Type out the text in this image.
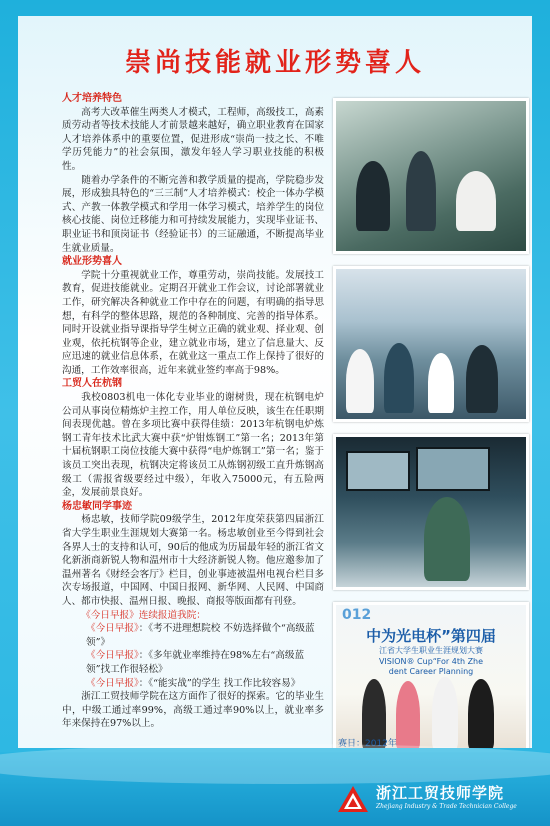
崇尚技能就业形势喜人
人才培养特色

高考大改革催生两类人才模式，工程师，高级技工，高素质劳动者等技术技能人才前景越来越好，确立职业教育在国家人才培养体系中的重要位置，促进形成“崇尚一技之长、不唯学历凭能力”的社会氛围，激发年轻人学习职业技能的积极性。

随着办学条件的不断完善和教学质量的提高，学院稳步发展，形成独具特色的“三三制”人才培养模式：校企一体办学模式、产教一体教学模式和学用一体学习模式，培养学生的岗位核心技能、岗位迁移能力和可持续发展能力，实现毕业证书、职业证书和顶岗证书（经验证书）的三证融通，不断提高毕业生就业质量。

就业形势喜人

学院十分重视就业工作，尊重劳动，崇尚技能。发展技工教育，促进技能就业。定期召开就业工作会议，讨论部署就业工作，研究解决各种就业工作中存在的问题，有明确的指导思想，有科学的整体思路，规范的各种制度、完善的指导体系。同时开设就业指导课指导学生树立正确的就业观、择业观、创业观，依托杭钢等企业，建立就业市场，建立了信息量大、反应迅速的就业信息体系，在就业这一重点工作上保持了很好的沟通，工作效率很高，近年来就业签约率高于98%。

工贸人在杭钢

我校0803机电一体化专业毕业的谢树贵，现在杭钢电炉公司从事岗位精炼炉主控工作，用人单位反映，该生在任职期间表现优越。曾在多项比赛中获得佳绩：2013年杭钢电炉炼钢工青年技术比武大赛中获“炉钳炼钢工”第一名；2013年第十届杭钢职工岗位技能大赛中获得“电炉炼钢工”第一名；鉴于该员工突出表现，杭钢决定将该员工从炼钢初级工直升炼钢高级工（需报省级要经过中级），年收入75000元，有五险两金，发展前景良好。

杨忠敏同学事迹

杨忠敏，技师学院09级学生，2012年度荣获第四届浙江省大学生职业生涯规划大赛第一名。杨忠敏创业至今得到社会各界人士的支持和认可，90后的他成为历届最年轻的浙江省文化新浙商新锐人物和温州市十大经济新锐人物。他应邀参加了温州著名《财经会客厅》栏目，创业事迹被温州电视台栏目多次专场报道，中国网、中国日报网、新华网、人民网、中国商人、都市快报、温州日报、晚报、商报等版面都有刊登。

《今日早报》连续报道我院：
《今日早报》：《考不进理想院校 不妨选择做个“高级蓝领”》
《今日早报》：《多年就业率维持在98%左右“高级蓝领”找工作很轻松》
《今日早报》：《“能实战”的学生 找工作比较容易》

浙江工贸技师学院在这方面作了很好的探索。它的毕业生中，中级工通过率99%，高级工通过率90%以上，就业率多年来保持在97%以上。

012
中为光电杯”第四届
江省大学生职业生涯规划大赛
VISION® Cup“For 4th Zhe
dent Career Planning
赛日：2012年
浙江工贸技师学院
Zhejiang Industry & Trade Technician College
